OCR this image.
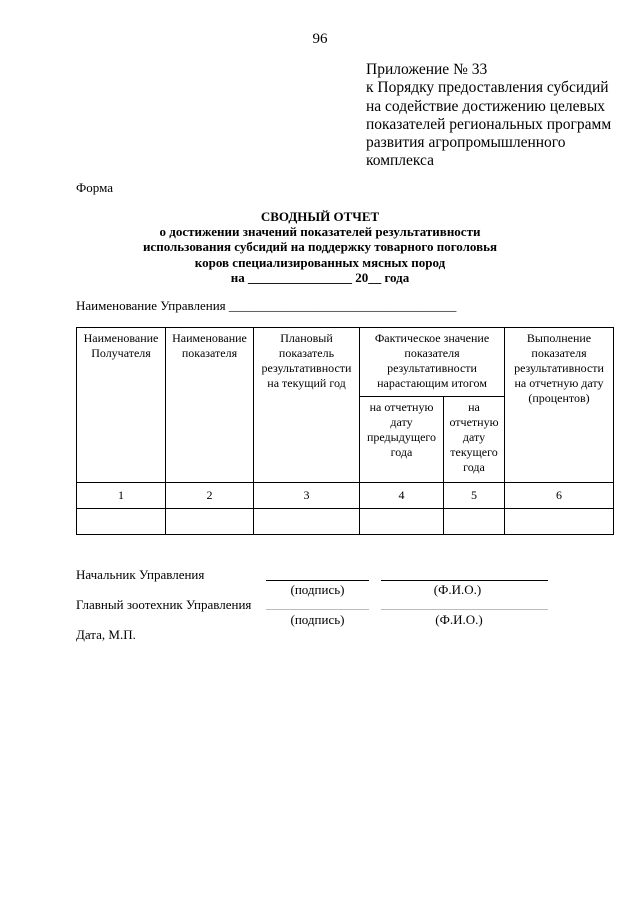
96
Приложение № 33
к Порядку предоставления субсидий
на содействие достижению целевых
показателей региональных программ
развития агропромышленного
комплекса
Форма
СВОДНЫЙ ОТЧЕТ
о достижении значений показателей результативности
использования субсидий на поддержку товарного поголовья
коров специализированных мясных пород
на ________________ 20__ года
Наименование Управления ___________________________________
Наименование Получателя	Наименование показателя	Плановый показатель результативности на текущий год	Фактическое значение показателя результативности нарастающим итогом		Выполнение показателя результативности на отчетную дату (процентов)
			на отчетную дату предыдущего года	на отчетную дату текущего года	
1	2	3	4	5	6

Начальник Управления
(подпись)	(Ф.И.О.)
Главный зоотехник Управления
(подпись)	(Ф.И.О.)
Дата, М.П.
